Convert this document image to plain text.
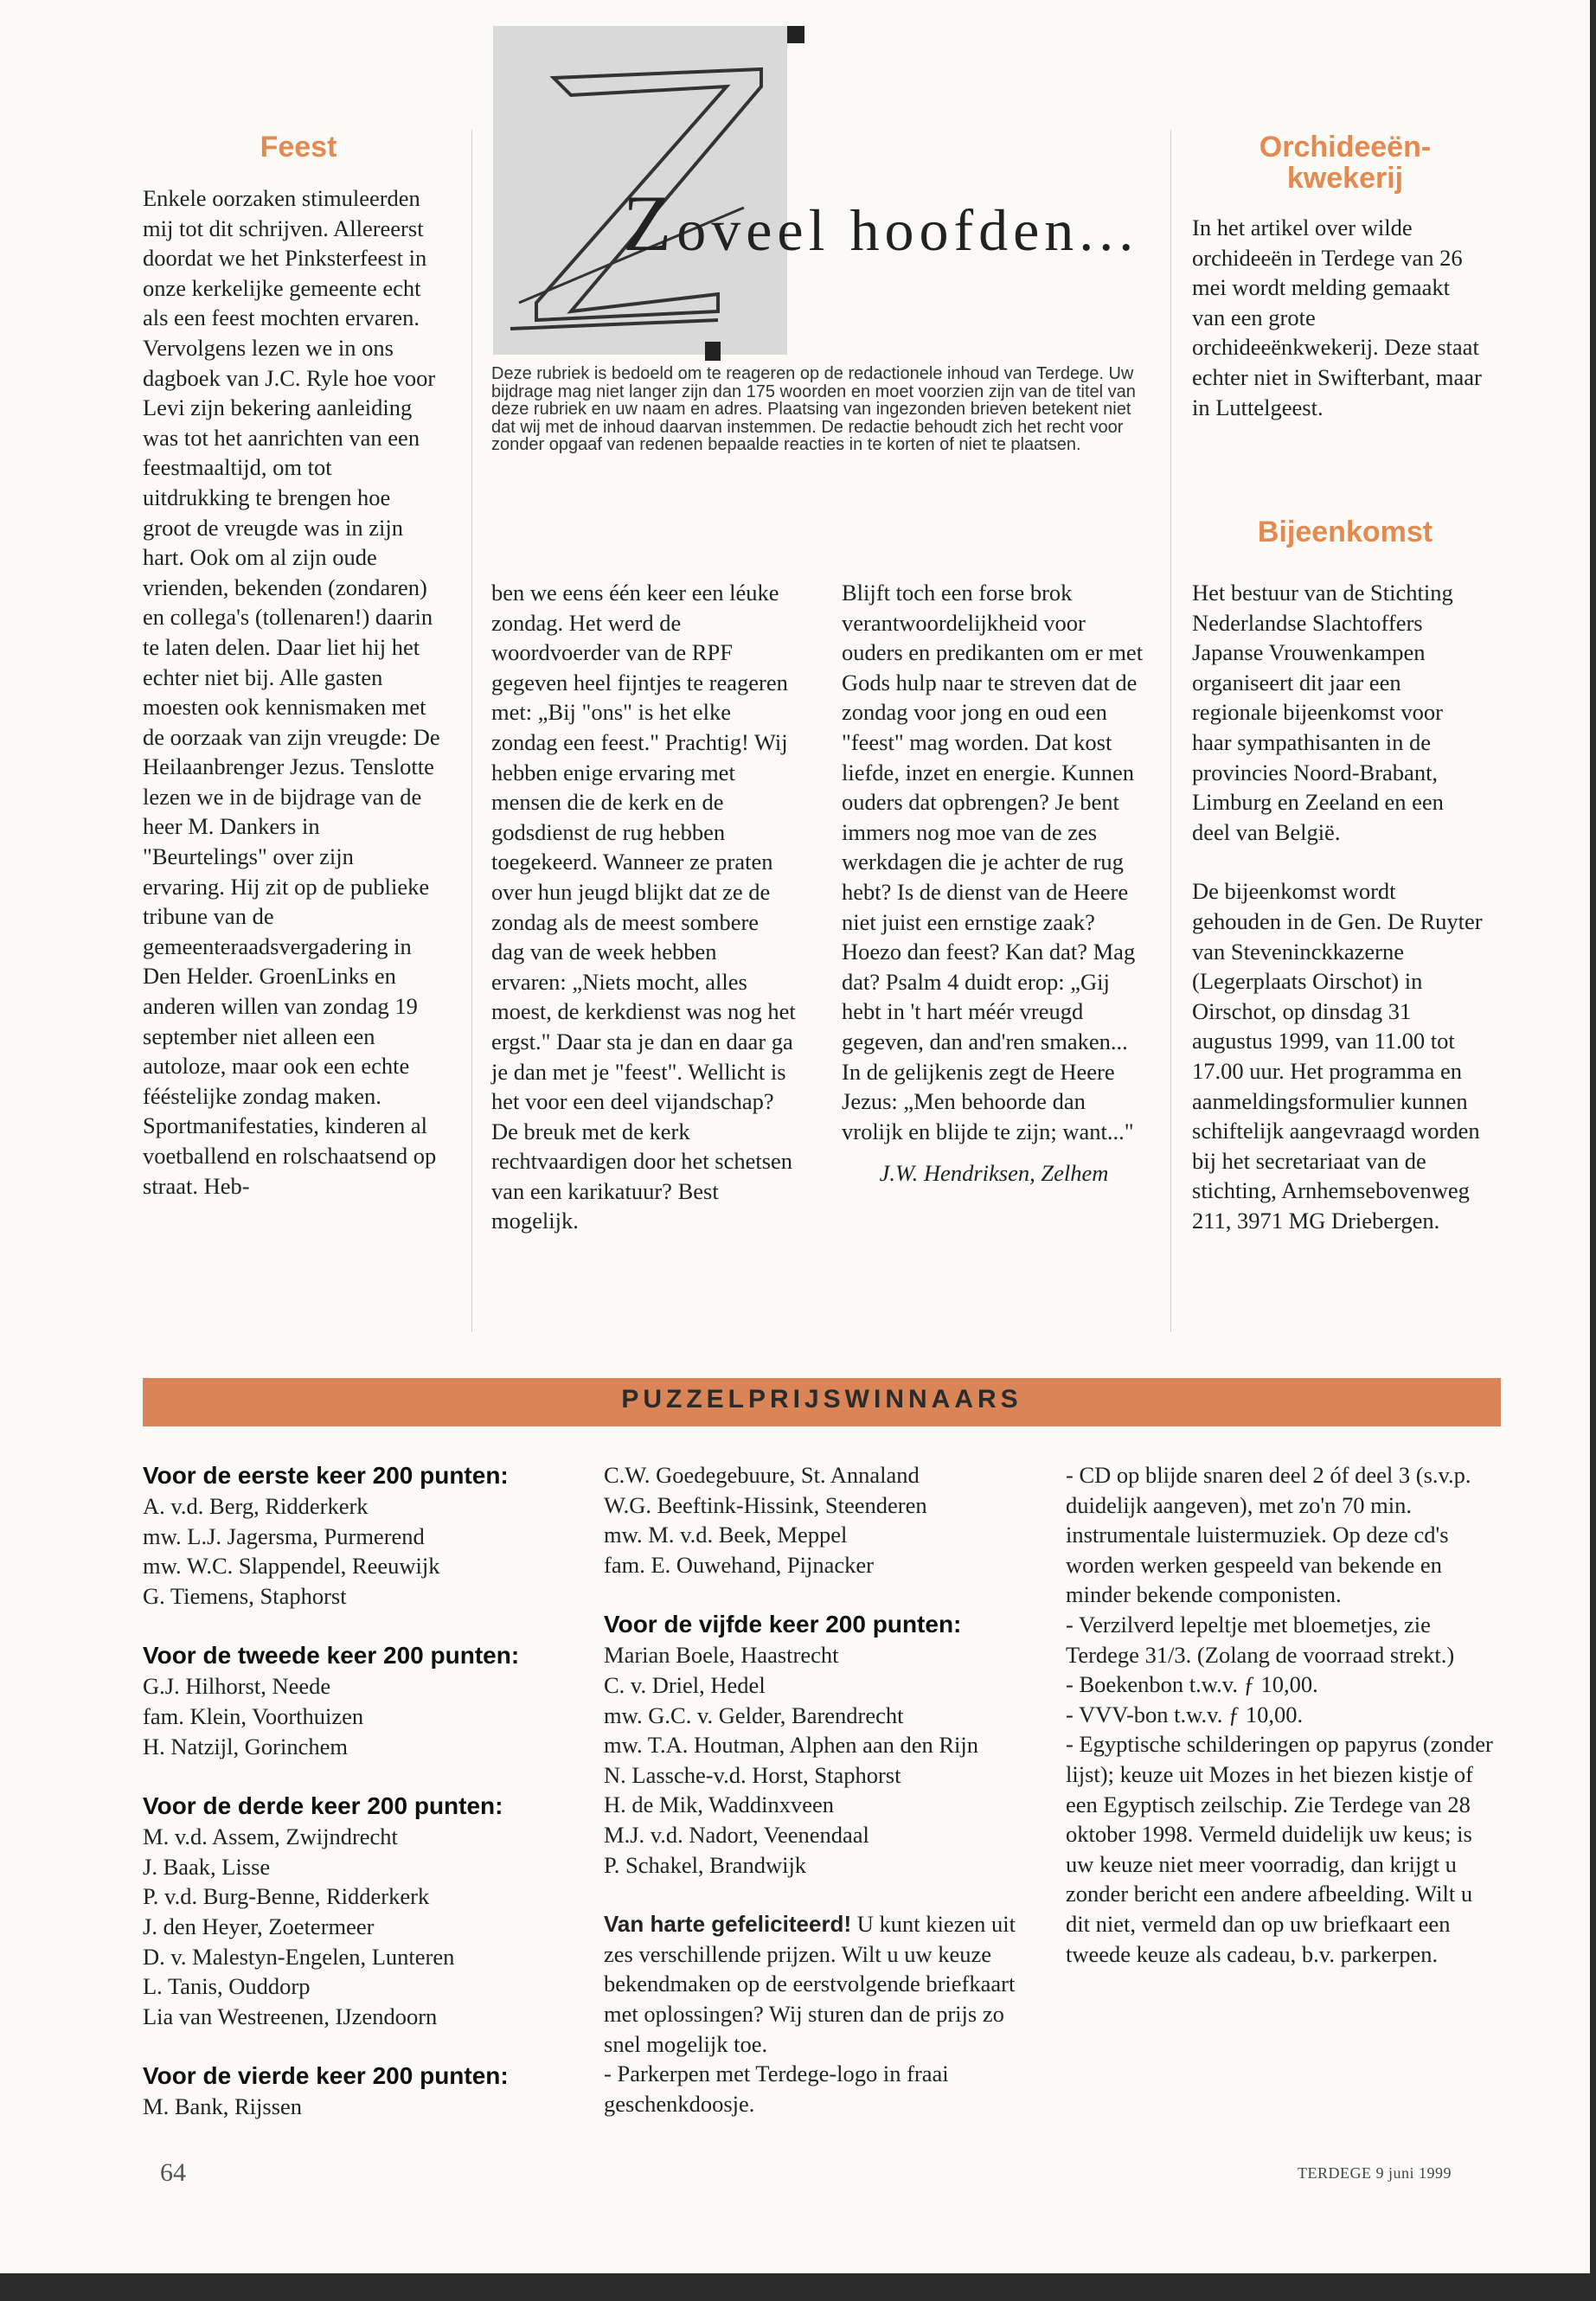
Zoveel hoofden...
Deze rubriek is bedoeld om te reageren op de redactionele inhoud van Terdege. Uw bijdrage mag niet langer zijn dan 175 woorden en moet voorzien zijn van de titel van deze rubriek en uw naam en adres. Plaatsing van ingezonden brieven betekent niet dat wij met de inhoud daarvan instemmen. De redactie behoudt zich het recht voor zonder opgaaf van redenen bepaalde reacties in te korten of niet te plaatsen.
Feest

Enkele oorzaken stimuleerden mij tot dit schrijven. Allereerst doordat we het Pinksterfeest in onze kerkelijke gemeente echt als een feest mochten ervaren. Vervolgens lezen we in ons dagboek van J.C. Ryle hoe voor Levi zijn bekering aanleiding was tot het aanrichten van een feestmaaltijd, om tot uitdrukking te brengen hoe groot de vreugde was in zijn hart. Ook om al zijn oude vrienden, bekenden (zondaren) en collega's (tollenaren!) daarin te laten delen. Daar liet hij het echter niet bij. Alle gasten moesten ook kennismaken met de oorzaak van zijn vreugde: De Heilaanbrenger Jezus. Tenslotte lezen we in de bijdrage van de heer M. Dankers in "Beurtelings" over zijn ervaring. Hij zit op de publieke tribune van de gemeenteraadsvergadering in Den Helder. GroenLinks en anderen willen van zondag 19 september niet alleen een autoloze, maar ook een echte fééstelijke zondag maken. Sportmanifestaties, kinderen al voetballend en rolschaatsend op straat. Heb-

ben we eens één keer een léuke zondag. Het werd de woordvoerder van de RPF gegeven heel fijntjes te reageren met: „Bij "ons" is het elke zondag een feest." Prachtig! Wij hebben enige ervaring met mensen die de kerk en de godsdienst de rug hebben toegekeerd. Wanneer ze praten over hun jeugd blijkt dat ze de zondag als de meest sombere dag van de week hebben ervaren: „Niets mocht, alles moest, de kerkdienst was nog het ergst." Daar sta je dan en daar ga je dan met je "feest". Wellicht is het voor een deel vijandschap? De breuk met de kerk rechtvaardigen door het schetsen van een karikatuur? Best mogelijk.

Blijft toch een forse brok verantwoordelijkheid voor ouders en predikanten om er met Gods hulp naar te streven dat de zondag voor jong en oud een "feest" mag worden. Dat kost liefde, inzet en energie. Kunnen ouders dat opbrengen? Je bent immers nog moe van de zes werkdagen die je achter de rug hebt? Is de dienst van de Heere niet juist een ernstige zaak? Hoezo dan feest? Kan dat? Mag dat? Psalm 4 duidt erop: „Gij hebt in 't hart méér vreugd gegeven, dan and'ren smaken... In de gelijkenis zegt de Heere Jezus: „Men behoorde dan vrolijk en blijde te zijn; want..."

J.W. Hendriksen, Zelhem

Orchideeën-
kwekerij

In het artikel over wilde orchideeën in Terdege van 26 mei wordt melding gemaakt van een grote orchideeënkwekerij. Deze staat echter niet in Swifterbant, maar in Luttelgeest.

Bijeenkomst

Het bestuur van de Stichting Nederlandse Slachtoffers Japanse Vrouwenkampen organiseert dit jaar een regionale bijeenkomst voor haar sympathisanten in de provincies Noord-Brabant, Limburg en Zeeland en een deel van België.

De bijeenkomst wordt gehouden in de Gen. De Ruyter van Steveninckkazerne (Legerplaats Oirschot) in Oirschot, op dinsdag 31 augustus 1999, van 11.00 tot 17.00 uur. Het programma en aanmeldingsformulier kunnen schiftelijk aangevraagd worden bij het secretariaat van de stichting, Arnhemsebovenweg 211, 3971 MG Driebergen.

PUZZELPRIJSWINNAARS
Voor de eerste keer 200 punten:
A. v.d. Berg, Ridderkerk
mw. L.J. Jagersma, Purmerend
mw. W.C. Slappendel, Reeuwijk
G. Tiemens, Staphorst
Voor de tweede keer 200 punten:
G.J. Hilhorst, Neede
fam. Klein, Voorthuizen
H. Natzijl, Gorinchem
Voor de derde keer 200 punten:
M. v.d. Assem, Zwijndrecht
J. Baak, Lisse
P. v.d. Burg-Benne, Ridderkerk
J. den Heyer, Zoetermeer
D. v. Malestyn-Engelen, Lunteren
L. Tanis, Ouddorp
Lia van Westreenen, IJzendoorn
Voor de vierde keer 200 punten:
M. Bank, Rijssen
C.W. Goedegebuure, St. Annaland
W.G. Beeftink-Hissink, Steenderen
mw. M. v.d. Beek, Meppel
fam. E. Ouwehand, Pijnacker
Voor de vijfde keer 200 punten:
Marian Boele, Haastrecht
C. v. Driel, Hedel
mw. G.C. v. Gelder, Barendrecht
mw. T.A. Houtman, Alphen aan den Rijn
N. Lassche-v.d. Horst, Staphorst
H. de Mik, Waddinxveen
M.J. v.d. Nadort, Veenendaal
P. Schakel, Brandwijk
Van harte gefeliciteerd! U kunt kiezen uit zes verschillende prijzen. Wilt u uw keuze bekendmaken op de eerstvolgende briefkaart met oplossingen? Wij sturen dan de prijs zo snel mogelijk toe.
- Parkerpen met Terdege-logo in fraai geschenkdoosje.
- CD op blijde snaren deel 2 óf deel 3 (s.v.p. duidelijk aangeven), met zo'n 70 min. instrumentale luistermuziek. Op deze cd's worden werken gespeeld van bekende en minder bekende componisten.
- Verzilverd lepeltje met bloemetjes, zie Terdege 31/3. (Zolang de voorraad strekt.)
- Boekenbon t.w.v. ƒ 10,00.
- VVV-bon t.w.v. ƒ 10,00.
- Egyptische schilderingen op papyrus (zonder lijst); keuze uit Mozes in het biezen kistje of een Egyptisch zeilschip. Zie Terdege van 28 oktober 1998. Vermeld duidelijk uw keus; is uw keuze niet meer voorradig, dan krijgt u zonder bericht een andere afbeelding. Wilt u dit niet, vermeld dan op uw briefkaart een tweede keuze als cadeau, b.v. parkerpen.
64	TERDEGE 9 juni 1999
